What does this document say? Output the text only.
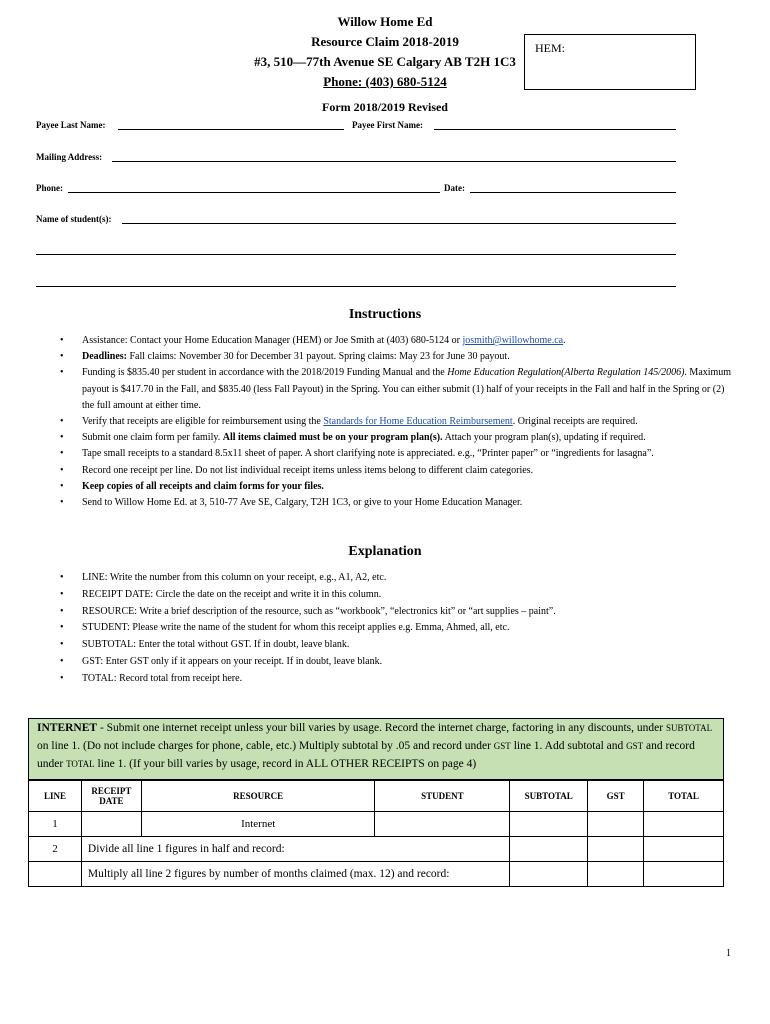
Willow Home Ed
Resource Claim 2018-2019
#3, 510—77th Avenue SE Calgary AB T2H 1C3
Phone: (403) 680-5124
Form 2018/2019 Revised
HEM:
Payee Last Name:	Payee First Name:
Mailing Address:
Phone:	Date:
Name of student(s):
Instructions
• Assistance: Contact your Home Education Manager (HEM) or Joe Smith at (403) 680-5124 or josmith@willowhome.ca.
• Deadlines: Fall claims: November 30 for December 31 payout. Spring claims: May 23 for June 30 payout.
• Funding is $835.40 per student in accordance with the 2018/2019 Funding Manual and the Home Education Regulation(Alberta Regulation 145/2006). Maximum payout is $417.70 in the Fall, and $835.40 (less Fall Payout) in the Spring. You can either submit (1) half of your receipts in the Fall and half in the Spring or (2) the full amount at either time.
• Verify that receipts are eligible for reimbursement using the Standards for Home Education Reimbursement. Original receipts are required.
• Submit one claim form per family. All items claimed must be on your program plan(s). Attach your program plan(s), updating if required.
• Tape small receipts to a standard 8.5x11 sheet of paper. A short clarifying note is appreciated. e.g., “Printer paper” or “ingredients for lasagna”.
• Record one receipt per line. Do not list individual receipt items unless items belong to different claim categories.
• Keep copies of all receipts and claim forms for your files.
• Send to Willow Home Ed. at 3, 510-77 Ave SE, Calgary, T2H 1C3, or give to your Home Education Manager.
Explanation
• LINE: Write the number from this column on your receipt, e.g., A1, A2, etc.
• RECEIPT DATE: Circle the date on the receipt and write it in this column.
• RESOURCE: Write a brief description of the resource, such as “workbook”, “electronics kit” or “art supplies – paint”.
• STUDENT: Please write the name of the student for whom this receipt applies e.g. Emma, Ahmed, all, etc.
• SUBTOTAL: Enter the total without GST. If in doubt, leave blank.
• GST: Enter GST only if it appears on your receipt. If in doubt, leave blank.
• TOTAL: Record total from receipt here.
INTERNET - Submit one internet receipt unless your bill varies by usage. Record the internet charge, factoring in any discounts, under SUBTOTAL on line 1. (Do not include charges for phone, cable, etc.) Multiply subtotal by .05 and record under GST line 1. Add subtotal and GST and record under TOTAL line 1. (If your bill varies by usage, record in ALL OTHER RECEIPTS on page 4)
LINE	RECEIPT DATE	RESOURCE	STUDENT	SUBTOTAL	GST	TOTAL
1		Internet				
2	Divide all line 1 figures in half and record:					
	Multiply all line 2 figures by number of months claimed (max. 12) and record:					
1
